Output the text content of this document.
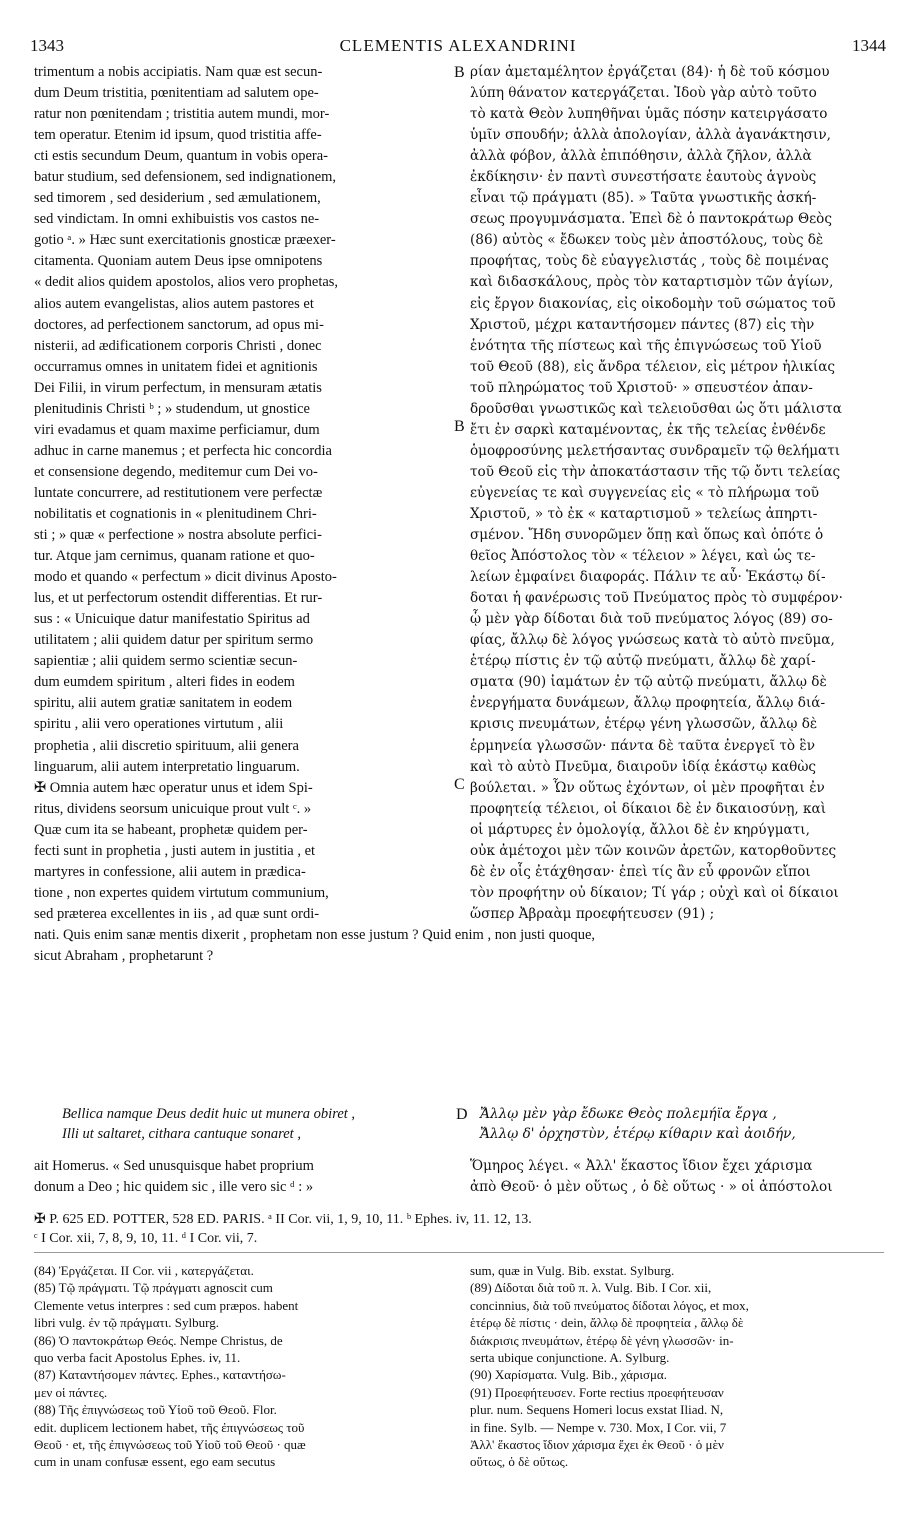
1343	CLEMENTIS ALEXANDRINI	1344
trimentum a nobis accipiatis. Nam quæ est secun-
dum Deum tristitia, pœnitentiam ad salutem ope-
ratur non pœnitendam ; tristitia autem mundi, mor-
tem operatur. Etenim id ipsum, quod tristitia affe-
cti estis secundum Deum, quantum in vobis opera-
batur studium, sed defensionem, sed indignationem,
sed timorem , sed desiderium , sed æmulationem,
sed vindictam. In omni exhibuistis vos castos ne-
gotio ᵃ. » Hæc sunt exercitationis gnosticæ præexer-
citamenta. Quoniam autem Deus ipse omnipotens
« dedit alios quidem apostolos, alios vero prophetas,
alios autem evangelistas, alios autem pastores et
doctores, ad perfectionem sanctorum, ad opus mi-
nisterii, ad ædificationem corporis Christi , donec
occurramus omnes in unitatem fidei et agnitionis
Dei Filii, in virum perfectum, in mensuram ætatis
plenitudinis Christi ᵇ ; » studendum, ut gnostice
viri evadamus et quam maxime perficiamur, dum
adhuc in carne manemus ; et perfecta hic concordia
et consensione degendo, meditemur cum Dei vo-
luntate concurrere, ad restitutionem vere perfectæ
nobilitatis et cognationis in « plenitudinem Chri-
sti ; » quæ « perfectione » nostra absolute perfici-
tur. Atque jam cernimus, quanam ratione et quo-
modo et quando « perfectum » dicit divinus Aposto-
lus, et ut perfectorum ostendit differentias. Et rur-
sus : « Unicuique datur manifestatio Spiritus ad
utilitatem ; alii quidem datur per spiritum sermo
sapientiæ ; alii quidem sermo scientiæ secun-
dum eumdem spiritum , alteri fides in eodem
spiritu, alii autem gratiæ sanitatem in eodem
spiritu , alii vero operationes virtutum , alii
prophetia , alii discretio spirituum, alii genera
linguarum, alii autem interpretatio linguarum.
✠ Omnia autem hæc operatur unus et idem Spi-
ritus, dividens seorsum unicuique prout vult ᶜ. »
Quæ cum ita se habeant, prophetæ quidem per-
fecti sunt in prophetia , justi autem in justitia , et
martyres in confessione, alii autem in prædica-
tione , non expertes quidem virtutum communium,
sed præterea excellentes in iis , ad quæ sunt ordi-
ρίαν ἀμεταμέλητον ἐργάζεται (84)· ἡ δὲ τοῦ κόσμου
λύπη θάνατον κατεργάζεται. Ἰδοὺ γὰρ αὐτὸ τοῦτο
τὸ κατὰ Θεὸν λυπηθῆναι ὑμᾶς πόσην κατειργάσατο
ὑμῖν σπουδήν; ἀλλὰ ἀπολογίαν, ἀλλὰ ἀγανάκτησιν,
ἀλλὰ φόβον, ἀλλὰ ἐπιπόθησιν, ἀλλὰ ζῆλον, ἀλλὰ
ἐκδίκησιν· ἐν παντὶ συνεστήσατε ἑαυτοὺς ἁγνοὺς
εἶναι τῷ πράγματι (85). » Ταῦτα γνωστικῆς ἀσκή-
σεως προγυμνάσματα. Ἐπεὶ δὲ ὁ παντοκράτωρ Θεὸς
(86) αὐτὸς « ἔδωκεν τοὺς μὲν ἀποστόλους, τοὺς δὲ
προφήτας, τοὺς δὲ εὐαγγελιστάς , τοὺς δὲ ποιμένας
καὶ διδασκάλους, πρὸς τὸν καταρτισμὸν τῶν ἁγίων,
εἰς ἔργον διακονίας, εἰς οἰκοδομὴν τοῦ σώματος τοῦ
Χριστοῦ, μέχρι καταντήσομεν πάντες (87) εἰς τὴν
ἑνότητα τῆς πίστεως καὶ τῆς ἐπιγνώσεως τοῦ Υἱοῦ
τοῦ Θεοῦ (88), εἰς ἄνδρα τέλειον, εἰς μέτρον ἡλικίας
τοῦ πληρώματος τοῦ Χριστοῦ· » σπευστέον ἀπαν-
δροῦσθαι γνωστικῶς καὶ τελειοῦσθαι ὡς ὅτι μάλιστα
ἔτι ἐν σαρκὶ καταμένοντας, ἐκ τῆς τελείας ἐνθένδε
ὁμοφροσύνης μελετήσαντας συνδραμεῖν τῷ θελήματι
τοῦ Θεοῦ εἰς τὴν ἀποκατάστασιν τῆς τῷ ὄντι τελείας
εὐγενείας τε καὶ συγγενείας εἰς « τὸ πλήρωμα τοῦ
Χριστοῦ, » τὸ ἐκ « καταρτισμοῦ » τελείως ἀπηρτι-
σμένον. Ἤδη συνορῶμεν ὅπῃ καὶ ὅπως καὶ ὁπότε ὁ
θεῖος Ἀπόστολος τὸν « τέλειον » λέγει, καὶ ὡς τε-
λείων ἐμφαίνει διαφοράς. Πάλιν τε αὖ· Ἑκάστῳ δί-
δοται ἡ φανέρωσις τοῦ Πνεύματος πρὸς τὸ συμφέρον·
ᾧ μὲν γὰρ δίδοται διὰ τοῦ πνεύματος λόγος (89) σο-
φίας, ἄλλῳ δὲ λόγος γνώσεως κατὰ τὸ αὐτὸ πνεῦμα,
ἑτέρῳ πίστις ἐν τῷ αὐτῷ πνεύματι, ἄλλῳ δὲ χαρί-
σματα (90) ἰαμάτων ἐν τῷ αὐτῷ πνεύματι, ἄλλῳ δὲ
ἐνεργήματα δυνάμεων, ἄλλῳ προφητεία, ἄλλῳ διά-
κρισις πνευμάτων, ἑτέρῳ γένη γλωσσῶν, ἄλλῳ δὲ
ἑρμηνεία γλωσσῶν· πάντα δὲ ταῦτα ἐνεργεῖ τὸ ἓν
καὶ τὸ αὐτὸ Πνεῦμα, διαιροῦν ἰδίᾳ ἑκάστῳ καθὼς
βούλεται. » Ὧν οὕτως ἐχόντων, οἱ μὲν προφῆται ἐν
προφητείᾳ τέλειοι, οἱ δίκαιοι δὲ ἐν δικαιοσύνῃ, καὶ
οἱ μάρτυρες ἐν ὁμολογίᾳ, ἄλλοι δὲ ἐν κηρύγματι,
οὐκ ἀμέτοχοι μὲν τῶν κοινῶν ἀρετῶν, κατορθοῦντες
δὲ ἐν οἷς ἐτάχθησαν· ἐπεὶ τίς ἂν εὖ φρονῶν εἴποι
τὸν προφήτην οὐ δίκαιον; Τί γάρ ; οὐχὶ καὶ οἱ δίκαιοι
ὥσπερ Ἀβραὰμ προεφήτευσεν (91) ;
B
B
C
D
nati. Quis enim sanæ mentis dixerit , prophetam non esse justum ? Quid enim , non justi quoque,
sicut Abraham , prophetarunt ?
Bellica namque Deus dedit huic ut munera obiret ,
Illi ut saltaret, cithara cantuque sonaret ,
Ἄλλῳ μὲν γὰρ ἔδωκε Θεὸς πολεμήϊα ἔργα ,
Ἄλλῳ δ' ὀρχηστὺν, ἑτέρῳ κίθαριν καὶ ἀοιδήν,
ait Homerus. « Sed unusquisque habet proprium
donum a Deo ; hic quidem sic , ille vero sic ᵈ : »
Ὅμηρος λέγει. « Ἀλλ' ἕκαστος ἴδιον ἔχει χάρισμα
ἀπὸ Θεοῦ· ὁ μὲν οὕτως , ὁ δὲ οὕτως · » οἱ ἀπόστολοι
✠ P. 625 ED. POTTER, 528 ED. PARIS. ᵃ II Cor. vii, 1, 9, 10, 11. ᵇ Ephes. iv, 11. 12, 13.
ᶜ I Cor. xii, 7, 8, 9, 10, 11. ᵈ I Cor. vii, 7.
(84) Ἐργάζεται. II Cor. vii , κατεργάζεται.
(85) Τῷ πράγματι. Τῷ πράγματι agnoscit cum
Clemente vetus interpres : sed cum præpos. habent
libri vulg. ἐν τῷ πράγματι. Sylburg.
(86) Ὁ παντοκράτωρ Θεός. Nempe Christus, de
quo verba facit Apostolus Ephes. iv, 11.
(87) Καταντήσομεν πάντες. Ephes., καταντήσω-
μεν οἱ πάντες.
(88) Τῆς ἐπιγνώσεως τοῦ Υἱοῦ τοῦ Θεοῦ. Flor.
edit. duplicem lectionem habet, τῆς ἐπιγνώσεως τοῦ
Θεοῦ · et, τῆς ἐπιγνώσεως τοῦ Υἱοῦ τοῦ Θεοῦ · quæ
cum in unam confusæ essent, ego eam secutus
sum, quæ in Vulg. Bib. exstat. Sylburg.
(89) Δίδοται διὰ τοῦ π. λ. Vulg. Bib. I Cor. xii,
concinnius, διὰ τοῦ πνεύματος δίδοται λόγος, et mox,
ἑτέρῳ δὲ πίστις · dein, ἄλλῳ δὲ προφητεία , ἄλλῳ δὲ
διάκρισις πνευμάτων, ἑτέρῳ δὲ γένη γλωσσῶν· in-
serta ubique conjunctione. A. Sylburg.
(90) Χαρίσματα. Vulg. Bib., χάρισμα.
(91) Προεφήτευσεν. Forte rectius προεφήτευσαν
plur. num. Sequens Homeri locus exstat Iliad. N,
in fine. Sylb. — Nempe v. 730. Mox, I Cor. vii, 7
Ἀλλ' ἕκαστος ἴδιον χάρισμα ἔχει ἐκ Θεοῦ · ὁ μὲν
οὕτως, ὁ δὲ οὕτως.
